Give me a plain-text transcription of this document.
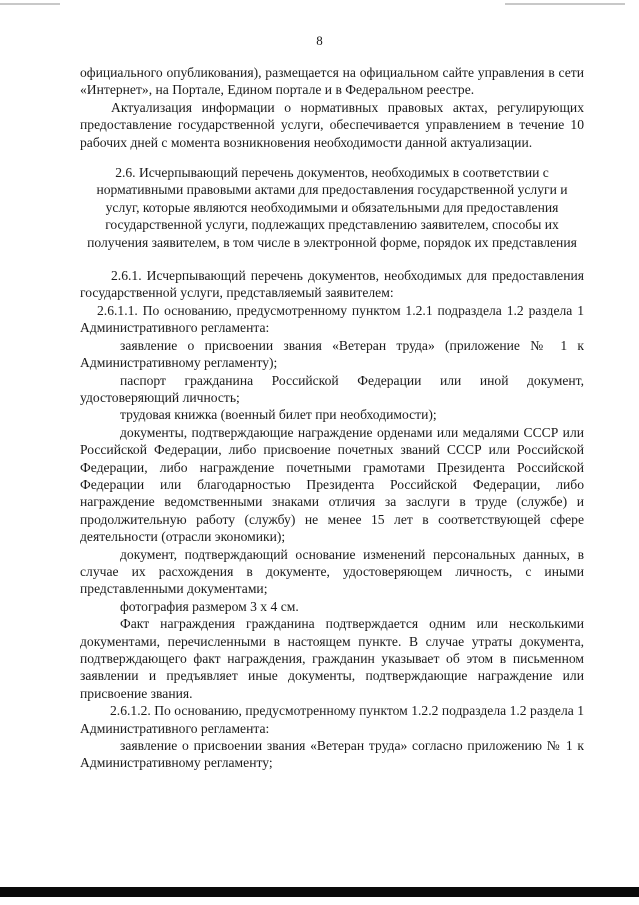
8

официального опубликования), размещается на официальном сайте управления в сети «Интернет», на Портале, Едином портале и в Федеральном реестре.

Актуализация информации о нормативных правовых актах, регулирующих предоставление государственной услуги, обеспечивается управлением в течение 10 рабочих дней с момента возникновения необходимости данной актуализации.

2.6. Исчерпывающий перечень документов, необходимых в соответствии с нормативными правовыми актами для предоставления государственной услуги и услуг, которые являются необходимыми и обязательными для предоставления государственной услуги, подлежащих представлению заявителем, способы их получения заявителем, в том числе в электронной форме, порядок их представления

2.6.1. Исчерпывающий перечень документов, необходимых для предоставления государственной услуги, представляемый заявителем:

2.6.1.1. По основанию, предусмотренному пунктом 1.2.1 подраздела 1.2 раздела 1 Административного регламента:

заявление о присвоении звания «Ветеран труда» (приложение № 1 к Административному регламенту);

паспорт гражданина Российской Федерации или иной документ, удостоверяющий личность;

трудовая книжка (военный билет при необходимости);

документы, подтверждающие награждение орденами или медалями СССР или Российской Федерации, либо присвоение почетных званий СССР или Российской Федерации, либо награждение почетными грамотами Президента Российской Федерации или благодарностью Президента Российской Федерации, либо награждение ведомственными знаками отличия за заслуги в труде (службе) и продолжительную работу (службу) не менее 15 лет в соответствующей сфере деятельности (отрасли экономики);

документ, подтверждающий основание изменений персональных данных, в случае их расхождения в документе, удостоверяющем личность, с иными представленными документами;

фотография размером 3 х 4 см.

Факт награждения гражданина подтверждается одним или несколькими документами, перечисленными в настоящем пункте. В случае утраты документа, подтверждающего факт награждения, гражданин указывает об этом в письменном заявлении и предъявляет иные документы, подтверждающие награждение или присвоение звания.

2.6.1.2. По основанию, предусмотренному пунктом 1.2.2 подраздела 1.2 раздела 1 Административного регламента:

заявление о присвоении звания «Ветеран труда» согласно приложению № 1 к Административному регламенту;
